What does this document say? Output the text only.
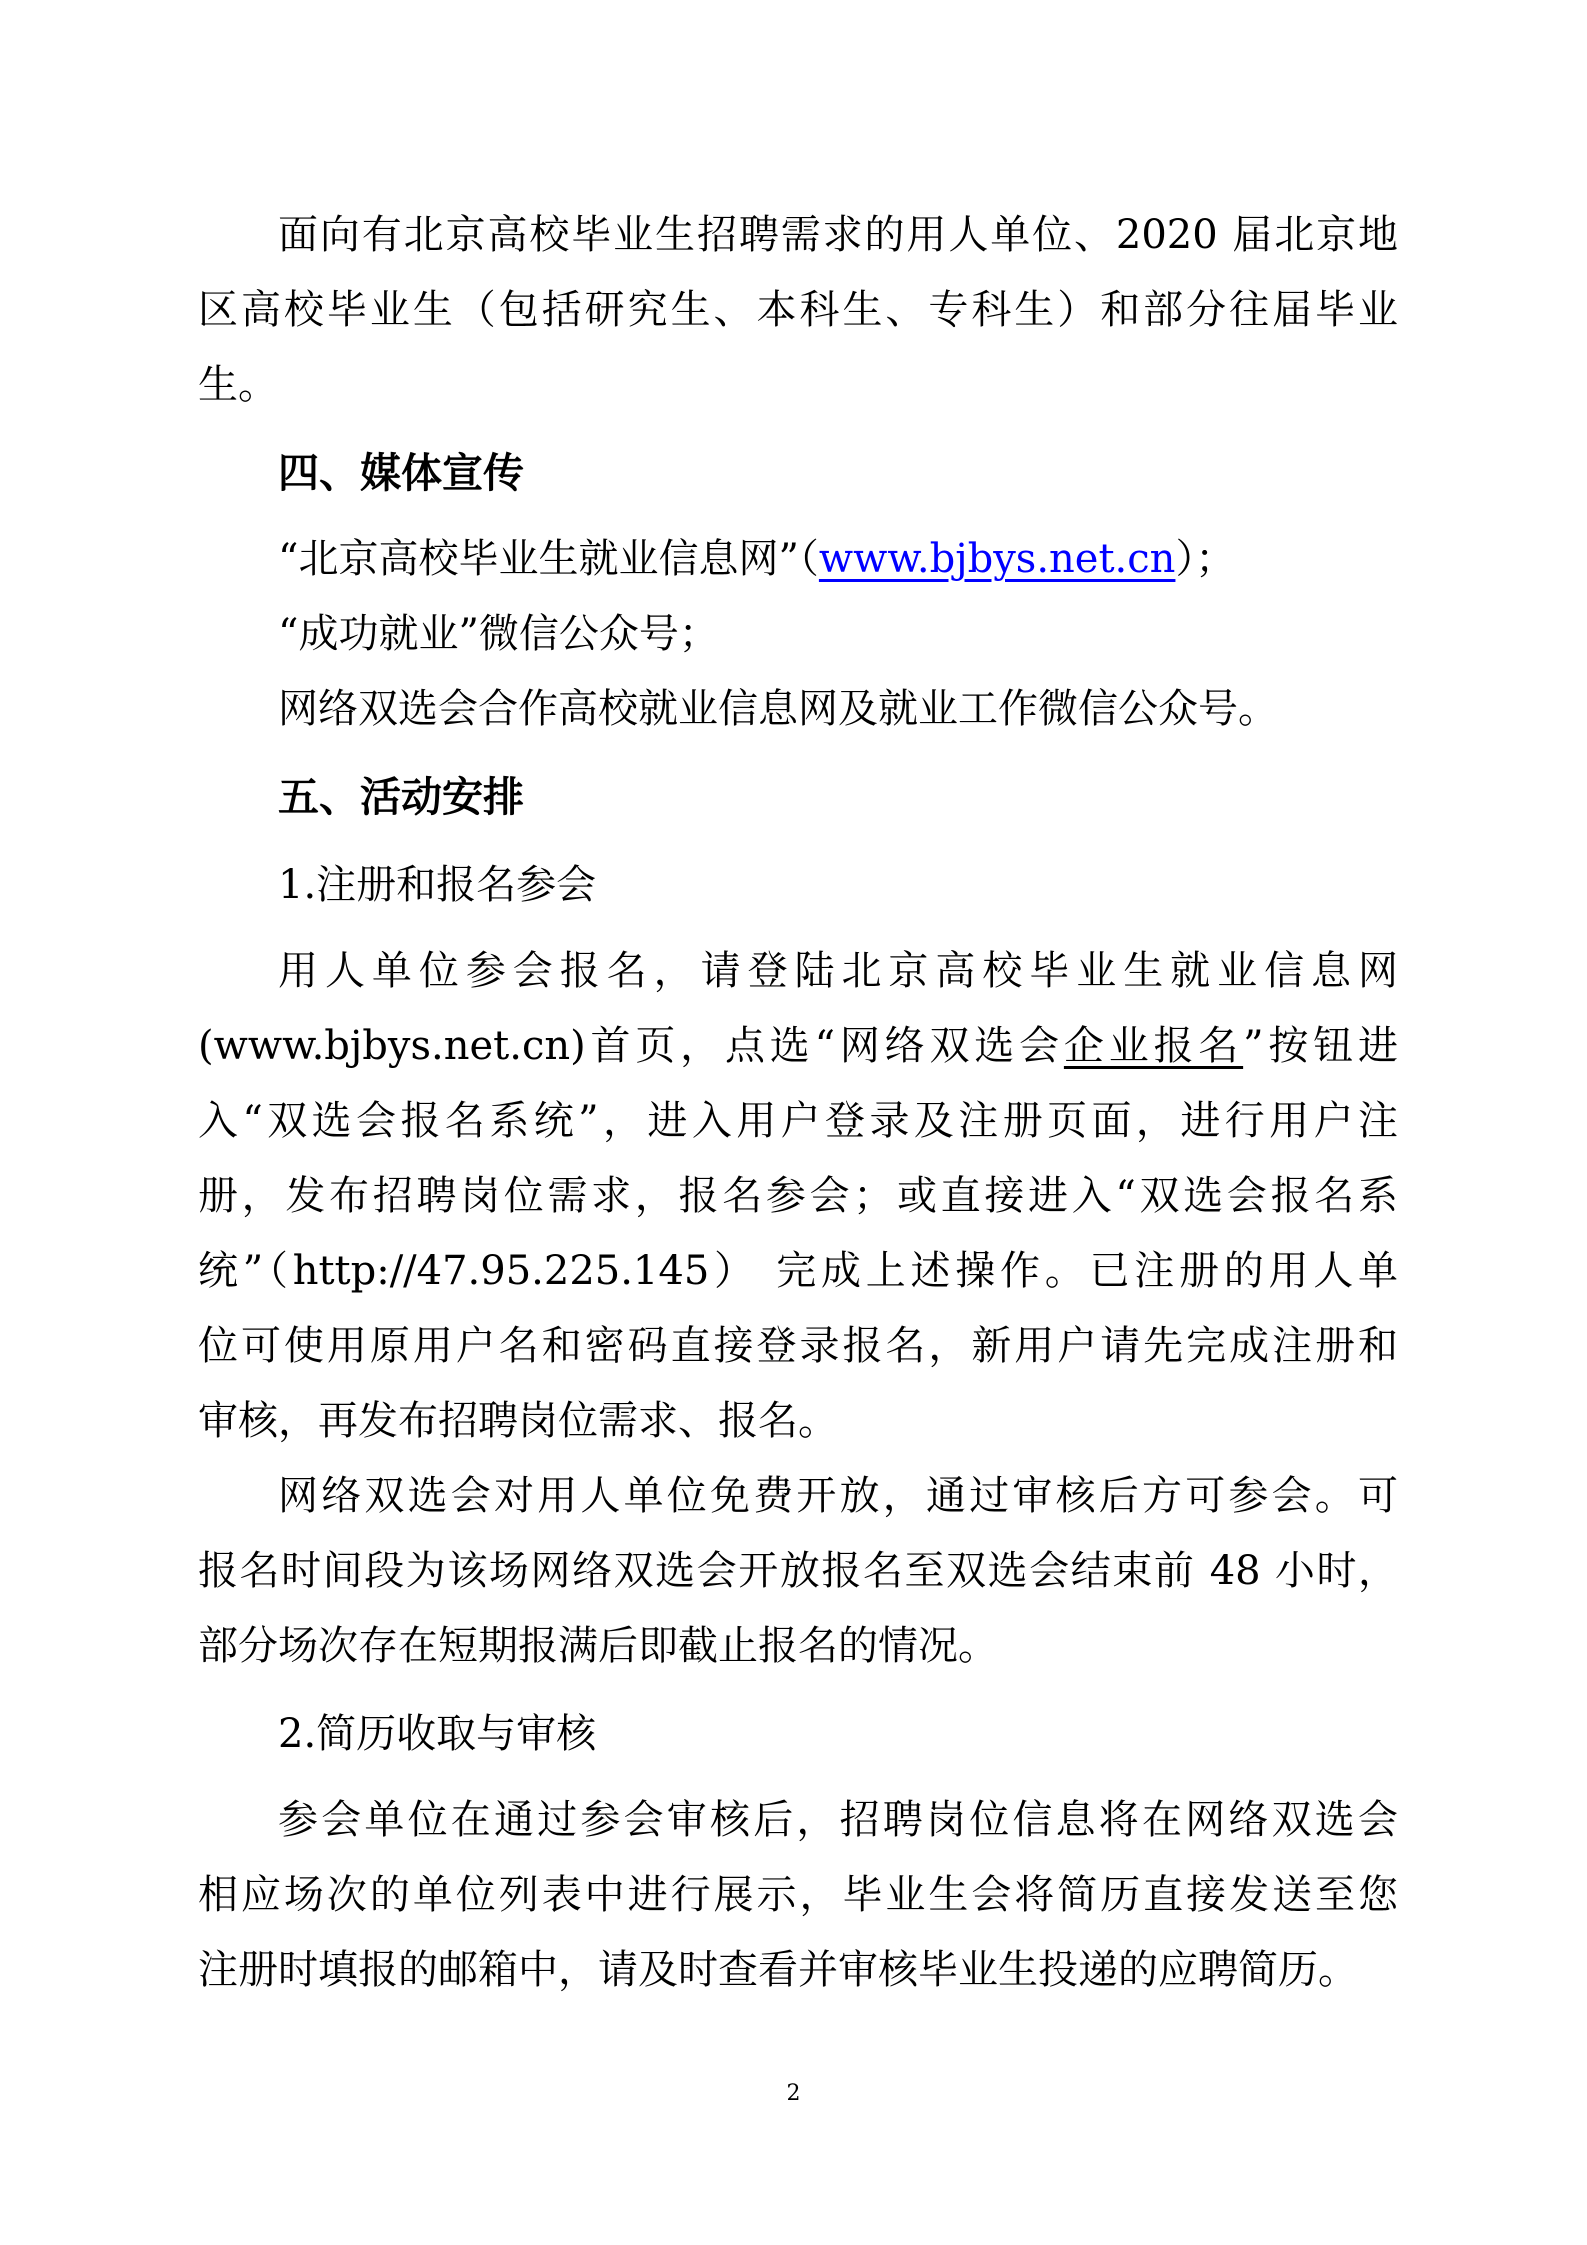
面向有北京高校毕业生招聘需求的用人单位、2020 届北京地
区高校毕业生（包括研究生、本科生、专科生）和部分往届毕业
生。
四、媒体宣传
“北京高校毕业生就业信息网”（www.bjbys.net.cn）；
“成功就业”微信公众号；
网络双选会合作高校就业信息网及就业工作微信公众号。
五、活动安排
1.注册和报名参会
用人单位参会报名，请登陆北京高校毕业生就业信息网
(www.bjbys.net.cn)首页，点选“网络双选会企业报名”按钮进
入“双选会报名系统”，进入用户登录及注册页面，进行用户注
册，发布招聘岗位需求，报名参会；或直接进入“双选会报名系
统”（http://47.95.225.145） 完成上述操作。已注册的用人单
位可使用原用户名和密码直接登录报名，新用户请先完成注册和
审核，再发布招聘岗位需求、报名。
网络双选会对用人单位免费开放，通过审核后方可参会。可
报名时间段为该场网络双选会开放报名至双选会结束前 48 小时，
部分场次存在短期报满后即截止报名的情况。
2.简历收取与审核
参会单位在通过参会审核后，招聘岗位信息将在网络双选会
相应场次的单位列表中进行展示，毕业生会将简历直接发送至您
注册时填报的邮箱中，请及时查看并审核毕业生投递的应聘简历。
2
